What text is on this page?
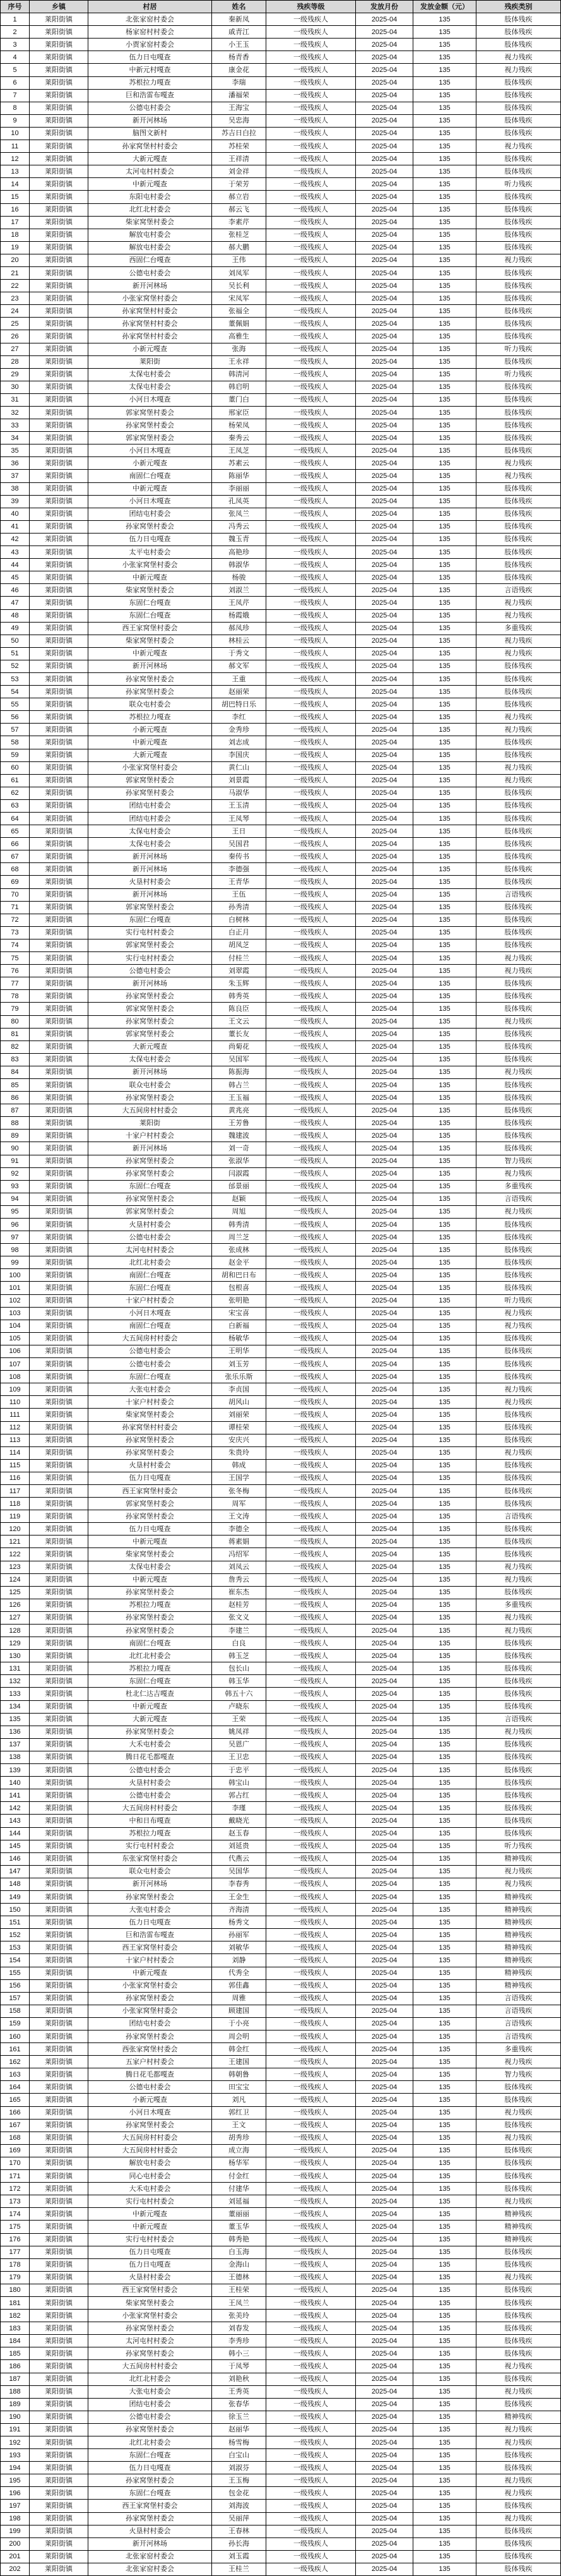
序号	乡镇	村居	姓名	残疾等级	发放月份	发放金额（元）	残疾类别
1	莱阳街镇	北张家窑村委会	秦新凤	一级残疾人	2025-04	135	肢体残疾
2	莱阳街镇	杨家窑村村委会	戚青江	一级残疾人	2025-04	135	肢体残疾
3	莱阳街镇	小贾家窑村委会	小王玉	一级残疾人	2025-04	135	肢体残疾
4	莱阳街镇	伍力日屯嘎查	杨青香	一级残疾人	2025-04	135	视力残疾
5	莱阳街镇	中新元村嘎查	康金花	一级残疾人	2025-04	135	视力残疾
6	莱阳街镇	苏根拉力嘎查	李瑞	一级残疾人	2025-04	135	肢体残疾
7	莱阳街镇	巨和浩雷布嘎查	潘福荣	一级残疾人	2025-04	135	肢体残疾
8	莱阳街镇	公德屯村委会	王海宝	一级残疾人	2025-04	135	肢体残疾
9	莱阳街镇	新开河林场	吴忠海	一级残疾人	2025-04	135	肢体残疾
10	莱阳街镇	脑图文新村	苏吉日白拉	一级残疾人	2025-04	135	肢体残疾
11	莱阳街镇	孙家窝堡村村委会	苏桂荣	一级残疾人	2025-04	135	视力残疾
12	莱阳街镇	大新元嘎查	王祥清	一级残疾人	2025-04	135	肢体残疾
13	莱阳街镇	太河屯村村委会	刘金祥	一级残疾人	2025-04	135	肢体残疾
14	莱阳街镇	中新元嘎查	于荣芳	一级残疾人	2025-04	135	听力残疾
15	莱阳街镇	东阳屯村委会	郝立岩	一级残疾人	2025-04	135	肢体残疾
16	莱阳街镇	北红北村委会	郝云飞	一级残疾人	2025-04	135	肢体残疾
17	莱阳街镇	柴家窝堡村委会	李素芹	一级残疾人	2025-04	135	肢体残疾
18	莱阳街镇	解放屯村委会	张桂芝	一级残疾人	2025-04	135	肢体残疾
19	莱阳街镇	解放屯村委会	郝大鹏	一级残疾人	2025-04	135	肢体残疾
20	莱阳街镇	西固仁台嘎查	王伟	一级残疾人	2025-04	135	视力残疾
21	莱阳街镇	公德屯村委会	刘凤军	一级残疾人	2025-04	135	肢体残疾
22	莱阳街镇	新开河林场	吴长利	一级残疾人	2025-04	135	肢体残疾
23	莱阳街镇	小张家窝堡村委会	宋凤军	一级残疾人	2025-04	135	肢体残疾
24	莱阳街镇	孙家窝堡村村委会	张福全	一级残疾人	2025-04	135	肢体残疾
25	莱阳街镇	孙家窝堡村村委会	董佩娟	一级残疾人	2025-04	135	肢体残疾
26	莱阳街镇	孙家窝堡村村委会	高雅生	一级残疾人	2025-04	135	肢体残疾
27	莱阳街镇	小新元嘎查	张海	一级残疾人	2025-04	135	听力残疾
28	莱阳街镇	莱阳街	王永祥	一级残疾人	2025-04	135	肢体残疾
29	莱阳街镇	太保屯村委会	韩清河	一级残疾人	2025-04	135	听力残疾
30	莱阳街镇	太保屯村委会	韩启明	一级残疾人	2025-04	135	肢体残疾
31	莱阳街镇	小河日木嘎查	董门白	一级残疾人	2025-04	135	肢体残疾
32	莱阳街镇	郭家窝堡村委会	邢家臣	一级残疾人	2025-04	135	肢体残疾
33	莱阳街镇	孙家窝堡村委会	杨荣凤	一级残疾人	2025-04	135	肢体残疾
34	莱阳街镇	郭家窝堡村委会	秦秀云	一级残疾人	2025-04	135	肢体残疾
35	莱阳街镇	小河日木嘎查	王凤芝	一级残疾人	2025-04	135	肢体残疾
36	莱阳街镇	小新元嘎查	苏素云	一级残疾人	2025-04	135	视力残疾
37	莱阳街镇	南固仁台嘎查	陈丽华	一级残疾人	2025-04	135	视力残疾
38	莱阳街镇	中新元嘎查	李丽丽	一级残疾人	2025-04	135	肢体残疾
39	莱阳街镇	小河日木嘎查	孔凤英	一级残疾人	2025-04	135	肢体残疾
40	莱阳街镇	团结屯村委会	张凤兰	一级残疾人	2025-04	135	肢体残疾
41	莱阳街镇	孙家窝堡村委会	冯秀云	一级残疾人	2025-04	135	肢体残疾
42	莱阳街镇	伍力日屯嘎查	魏玉青	一级残疾人	2025-04	135	肢体残疾
43	莱阳街镇	太平屯村委会	高艳珍	一级残疾人	2025-04	135	肢体残疾
44	莱阳街镇	小张家窝堡村委会	韩淑华	一级残疾人	2025-04	135	肢体残疾
45	莱阳街镇	中新元嘎查	杨骏	一级残疾人	2025-04	135	肢体残疾
46	莱阳街镇	柴家窝堡村委会	刘淑兰	一级残疾人	2025-04	135	言语残疾
47	莱阳街镇	东固仁台嘎查	王凤芹	一级残疾人	2025-04	135	视力残疾
48	莱阳街镇	东固仁台嘎查	杨霞娥	一级残疾人	2025-04	135	视力残疾
49	莱阳街镇	西王家窝堡村委会	郝凤珍	一级残疾人	2025-04	135	多重残疾
50	莱阳街镇	柴家窝堡村委会	林桂云	一级残疾人	2025-04	135	视力残疾
51	莱阳街镇	中新元嘎查	于秀文	一级残疾人	2025-04	135	视力残疾
52	莱阳街镇	新开河林场	郝文军	一级残疾人	2025-04	135	肢体残疾
53	莱阳街镇	孙家窝堡村委会	王重	一级残疾人	2025-04	135	肢体残疾
54	莱阳街镇	孙家窝堡村委会	赵丽荣	一级残疾人	2025-04	135	肢体残疾
55	莱阳街镇	联众屯村委会	胡巴特日乐	一级残疾人	2025-04	135	肢体残疾
56	莱阳街镇	苏根拉力嘎查	李红	一级残疾人	2025-04	135	视力残疾
57	莱阳街镇	小新元嘎查	金秀珍	一级残疾人	2025-04	135	视力残疾
58	莱阳街镇	中新元嘎查	刘志成	一级残疾人	2025-04	135	肢体残疾
59	莱阳街镇	大新元嘎查	李国庆	一级残疾人	2025-04	135	肢体残疾
60	莱阳街镇	小张家窝堡村委会	黄仁山	一级残疾人	2025-04	135	视力残疾
61	莱阳街镇	郭家窝堡村委会	刘景霞	一级残疾人	2025-04	135	视力残疾
62	莱阳街镇	孙家窝堡村委会	马淑华	一级残疾人	2025-04	135	肢体残疾
63	莱阳街镇	团结屯村委会	王玉清	一级残疾人	2025-04	135	肢体残疾
64	莱阳街镇	团结屯村委会	王凤琴	一级残疾人	2025-04	135	肢体残疾
65	莱阳街镇	太保屯村委会	王日	一级残疾人	2025-04	135	肢体残疾
66	莱阳街镇	太保屯村委会	吴国君	一级残疾人	2025-04	135	肢体残疾
67	莱阳街镇	新开河林场	秦传书	一级残疾人	2025-04	135	肢体残疾
68	莱阳街镇	新开河林场	李德强	一级残疾人	2025-04	135	肢体残疾
69	莱阳街镇	火垦村村委会	王青华	一级残疾人	2025-04	135	肢体残疾
70	莱阳街镇	新开河林场	王伍	一级残疾人	2025-04	135	言语残疾
71	莱阳街镇	郭家窝堡村委会	孙秀清	一级残疾人	2025-04	135	肢体残疾
72	莱阳街镇	东固仁台嘎查	白树林	一级残疾人	2025-04	135	肢体残疾
73	莱阳街镇	实行屯村村委会	白正月	一级残疾人	2025-04	135	肢体残疾
74	莱阳街镇	郭家窝堡村委会	胡凤芝	一级残疾人	2025-04	135	肢体残疾
75	莱阳街镇	实行屯村村委会	付桂兰	一级残疾人	2025-04	135	视力残疾
76	莱阳街镇	公德屯村委会	刘翠霞	一级残疾人	2025-04	135	视力残疾
77	莱阳街镇	新开河林场	朱玉辉	一级残疾人	2025-04	135	肢体残疾
78	莱阳街镇	孙家窝堡村委会	韩秀英	一级残疾人	2025-04	135	肢体残疾
79	莱阳街镇	郭家窝堡村委会	陈良臣	一级残疾人	2025-04	135	肢体残疾
80	莱阳街镇	孙家窝堡村委会	王文云	一级残疾人	2025-04	135	视力残疾
81	莱阳街镇	郭家窝堡村委会	董长友	一级残疾人	2025-04	135	肢体残疾
82	莱阳街镇	大新元嘎查	尚菊花	一级残疾人	2025-04	135	肢体残疾
83	莱阳街镇	太保屯村委会	吴国军	一级残疾人	2025-04	135	肢体残疾
84	莱阳街镇	新开河林场	陈振海	一级残疾人	2025-04	135	视力残疾
85	莱阳街镇	联众屯村委会	韩占兰	一级残疾人	2025-04	135	肢体残疾
86	莱阳街镇	孙家窝堡村委会	王玉福	一级残疾人	2025-04	135	肢体残疾
87	莱阳街镇	大五间房村村委会	黄兆亮	一级残疾人	2025-04	135	肢体残疾
88	莱阳街镇	莱阳街	王芳鲁	一级残疾人	2025-04	135	肢体残疾
89	莱阳街镇	十家户村村委会	魏建波	一级残疾人	2025-04	135	肢体残疾
90	莱阳街镇	新开河林场	刘一奇	一级残疾人	2025-04	135	肢体残疾
91	莱阳街镇	孙家窝堡村委会	张淑华	一级残疾人	2025-04	135	智力残疾
92	莱阳街镇	孙家窝堡村委会	闫淑霞	一级残疾人	2025-04	135	视力残疾
93	莱阳街镇	东固仁台嘎查	邰景丽	一级残疾人	2025-04	135	多重残疾
94	莱阳街镇	孙家窝堡村委会	赵颖	一级残疾人	2025-04	135	言语残疾
95	莱阳街镇	郭家窝堡村委会	周旭	一级残疾人	2025-04	135	视力残疾
96	莱阳街镇	火垦村村委会	韩秀清	一级残疾人	2025-04	135	肢体残疾
97	莱阳街镇	公德屯村委会	周兰芝	一级残疾人	2025-04	135	肢体残疾
98	莱阳街镇	太河屯村村委会	张成林	一级残疾人	2025-04	135	肢体残疾
99	莱阳街镇	北红北村委会	赵金平	一级残疾人	2025-04	135	肢体残疾
100	莱阳街镇	南固仁台嘎查	胡和巴日布	一级残疾人	2025-04	135	肢体残疾
101	莱阳街镇	东固仁台嘎查	包根喜	一级残疾人	2025-04	135	肢体残疾
102	莱阳街镇	十家户村村委会	张明艳	一级残疾人	2025-04	135	听力残疾
103	莱阳街镇	小河日木嘎查	宋宝喜	一级残疾人	2025-04	135	视力残疾
104	莱阳街镇	南固仁台嘎查	白新福	一级残疾人	2025-04	135	视力残疾
105	莱阳街镇	大五间房村村委会	杨敏华	一级残疾人	2025-04	135	肢体残疾
106	莱阳街镇	公德屯村委会	王明华	一级残疾人	2025-04	135	肢体残疾
107	莱阳街镇	公德屯村委会	刘玉芳	一级残疾人	2025-04	135	肢体残疾
108	莱阳街镇	东固仁台嘎查	张乐乐斯	一级残疾人	2025-04	135	肢体残疾
109	莱阳街镇	大张屯村委会	李贞国	一级残疾人	2025-04	135	视力残疾
110	莱阳街镇	十家户村村委会	胡风山	一级残疾人	2025-04	135	视力残疾
111	莱阳街镇	柴家窝堡村委会	刘丽荣	一级残疾人	2025-04	135	肢体残疾
112	莱阳街镇	孙家窝堡村村委会	谭桂荣	一级残疾人	2025-04	135	肢体残疾
113	莱阳街镇	孙家窝堡村委会	安庆兴	一级残疾人	2025-04	135	肢体残疾
114	莱阳街镇	孙家窝堡村委会	朱贵玲	一级残疾人	2025-04	135	视力残疾
115	莱阳街镇	火垦村村委会	韩成	一级残疾人	2025-04	135	肢体残疾
116	莱阳街镇	伍力日屯嘎查	王国学	一级残疾人	2025-04	135	肢体残疾
117	莱阳街镇	西王家窝堡村委会	张冬梅	一级残疾人	2025-04	135	肢体残疾
118	莱阳街镇	郭家窝堡村委会	周军	一级残疾人	2025-04	135	肢体残疾
119	莱阳街镇	孙家窝堡村委会	王文涛	一级残疾人	2025-04	135	言语残疾
120	莱阳街镇	伍力日屯嘎查	李德全	一级残疾人	2025-04	135	肢体残疾
121	莱阳街镇	中新元嘎查	蒋素娟	一级残疾人	2025-04	135	肢体残疾
122	莱阳街镇	柴家窝堡村委会	冯绍军	一级残疾人	2025-04	135	肢体残疾
123	莱阳街镇	太保屯村委会	刘凤云	一级残疾人	2025-04	135	视力残疾
124	莱阳街镇	中新元嘎查	詹秀云	一级残疾人	2025-04	135	视力残疾
125	莱阳街镇	孙家窝堡村委会	崔东杰	一级残疾人	2025-04	135	肢体残疾
126	莱阳街镇	苏根拉力嘎查	赵桂芳	一级残疾人	2025-04	135	多重残疾
127	莱阳街镇	孙家窝堡村委会	张文义	一级残疾人	2025-04	135	视力残疾
128	莱阳街镇	孙家窝堡村委会	李建兰	一级残疾人	2025-04	135	视力残疾
129	莱阳街镇	南固仁台嘎查	白良	一级残疾人	2025-04	135	肢体残疾
130	莱阳街镇	北红北村委会	韩玉芝	一级残疾人	2025-04	135	肢体残疾
131	莱阳街镇	苏根拉力嘎查	包长山	一级残疾人	2025-04	135	肢体残疾
132	莱阳街镇	东固仁台嘎查	韩玉华	一级残疾人	2025-04	135	肢体残疾
133	莱阳街镇	杜北仁达吉嘎查	韩五十六	一级残疾人	2025-04	135	肢体残疾
134	莱阳街镇	中新元嘎查	卢晓东	一级残疾人	2025-04	135	肢体残疾
135	莱阳街镇	大新元嘎查	王荣	一级残疾人	2025-04	135	言语残疾
136	莱阳街镇	孙家窝堡村委会	姚凤祥	一级残疾人	2025-04	135	视力残疾
137	莱阳街镇	大禾屯村委会	吴恩广	一级残疾人	2025-04	135	肢体残疾
138	莱阳街镇	腾日花毛都嘎查	王卫忠	一级残疾人	2025-04	135	肢体残疾
139	莱阳街镇	公德屯村委会	于忠平	一级残疾人	2025-04	135	肢体残疾
140	莱阳街镇	火垦村村委会	韩宝山	一级残疾人	2025-04	135	肢体残疾
141	莱阳街镇	公德屯村委会	郭占红	一级残疾人	2025-04	135	肢体残疾
142	莱阳街镇	大五间房村村委会	李瑾	一级残疾人	2025-04	135	肢体残疾
143	莱阳街镇	中和日布嘎查	戴晓光	一级残疾人	2025-04	135	肢体残疾
144	莱阳街镇	苏根拉力嘎查	赵玉春	一级残疾人	2025-04	135	肢体残疾
145	莱阳街镇	实行屯村村委会	刘延贵	一级残疾人	2025-04	135	听力残疾
146	莱阳街镇	东张家窝堡村委会	代燕云	一级残疾人	2025-04	135	精神残疾
147	莱阳街镇	联众屯村委会	吴国华	一级残疾人	2025-04	135	视力残疾
148	莱阳街镇	新开河林场	李春秀	一级残疾人	2025-04	135	视力残疾
149	莱阳街镇	孙家窝堡村委会	王金生	一级残疾人	2025-04	135	精神残疾
150	莱阳街镇	大张屯村委会	齐海清	一级残疾人	2025-04	135	精神残疾
151	莱阳街镇	伍力日屯嘎查	杨秀文	一级残疾人	2025-04	135	精神残疾
152	莱阳街镇	巨和浩雷布嘎查	孙丽军	一级残疾人	2025-04	135	精神残疾
153	莱阳街镇	西王家窝堡村委会	刘敏华	一级残疾人	2025-04	135	精神残疾
154	莱阳街镇	十家户村村委会	刘静	一级残疾人	2025-04	135	精神残疾
155	莱阳街镇	中新元嘎查	代秀全	一级残疾人	2025-04	135	精神残疾
156	莱阳街镇	小张家窝堡村委会	郭佳鑫	一级残疾人	2025-04	135	精神残疾
157	莱阳街镇	孙家窝堡村委会	周雅	一级残疾人	2025-04	135	言语残疾
158	莱阳街镇	小张家窝堡村委会	顾建国	一级残疾人	2025-04	135	言语残疾
159	莱阳街镇	团结屯村委会	于小亮	一级残疾人	2025-04	135	言语残疾
160	莱阳街镇	孙家窝堡村委会	周会明	一级残疾人	2025-04	135	言语残疾
161	莱阳街镇	西张家窝堡村委会	韩金红	一级残疾人	2025-04	135	多重残疾
162	莱阳街镇	五家户村村委会	王建国	一级残疾人	2025-04	135	视力残疾
163	莱阳街镇	腾日花毛都嘎查	韩朝鲁	一级残疾人	2025-04	135	智力残疾
164	莱阳街镇	公德屯村委会	田宝宝	一级残疾人	2025-04	135	肢体残疾
165	莱阳街镇	小新元嘎查	刘凡	一级残疾人	2025-04	135	肢体残疾
166	莱阳街镇	小河日木嘎查	郭红卫	一级残疾人	2025-04	135	视力残疾
167	莱阳街镇	孙家窝堡村委会	王文	一级残疾人	2025-04	135	肢体残疾
168	莱阳街镇	大五间房村村委会	胡秀珍	一级残疾人	2025-04	135	视力残疾
169	莱阳街镇	大五间房村村委会	成立海	一级残疾人	2025-04	135	肢体残疾
170	莱阳街镇	解放屯村委会	杨华军	一级残疾人	2025-04	135	肢体残疾
171	莱阳街镇	同心屯村委会	付金红	一级残疾人	2025-04	135	肢体残疾
172	莱阳街镇	大禾屯村委会	付建华	一级残疾人	2025-04	135	肢体残疾
173	莱阳街镇	实行屯村村委会	刘延福	一级残疾人	2025-04	135	视力残疾
174	莱阳街镇	中新元嘎查	董丽丽	一级残疾人	2025-04	135	精神残疾
175	莱阳街镇	中新元嘎查	董玉华	一级残疾人	2025-04	135	精神残疾
176	莱阳街镇	实行屯村村委会	韩秀艳	一级残疾人	2025-04	135	精神残疾
177	莱阳街镇	伍力日屯嘎查	白玉海	一级残疾人	2025-04	135	肢体残疾
178	莱阳街镇	伍力日屯嘎查	金海山	一级残疾人	2025-04	135	肢体残疾
179	莱阳街镇	火垦村村委会	王德林	一级残疾人	2025-04	135	视力残疾
180	莱阳街镇	西王家窝堡村委会	王桂荣	一级残疾人	2025-04	135	肢体残疾
181	莱阳街镇	柴家窝堡村委会	王凤兰	一级残疾人	2025-04	135	肢体残疾
182	莱阳街镇	小张家窝堡村委会	张美玲	一级残疾人	2025-04	135	肢体残疾
183	莱阳街镇	孙家窝堡村委会	刘春发	一级残疾人	2025-04	135	肢体残疾
184	莱阳街镇	太河屯村村委会	李秀珍	一级残疾人	2025-04	135	肢体残疾
185	莱阳街镇	孙家窝堡村委会	韩小三	一级残疾人	2025-04	135	肢体残疾
186	莱阳街镇	大五间房村村委会	于凤琴	一级残疾人	2025-04	135	视力残疾
187	莱阳街镇	北红北村委会	刘艳秋	一级残疾人	2025-04	135	肢体残疾
188	莱阳街镇	大张屯村委会	王秀英	一级残疾人	2025-04	135	视力残疾
189	莱阳街镇	团结屯村委会	张春华	一级残疾人	2025-04	135	肢体残疾
190	莱阳街镇	公德屯村委会	徐玉兰	一级残疾人	2025-04	135	精神残疾
191	莱阳街镇	孙家窝堡村委会	赵丽华	一级残疾人	2025-04	135	视力残疾
192	莱阳街镇	北红北村委会	杨雪梅	一级残疾人	2025-04	135	视力残疾
193	莱阳街镇	东固仁台嘎查	白宝山	一级残疾人	2025-04	135	肢体残疾
194	莱阳街镇	伍力日屯嘎查	刘淑芬	一级残疾人	2025-04	135	肢体残疾
195	莱阳街镇	孙家窝堡村委会	王玉梅	一级残疾人	2025-04	135	视力残疾
196	莱阳街镇	东固仁台嘎查	包金花	一级残疾人	2025-04	135	视力残疾
197	莱阳街镇	西王家窝堡村委会	刘海波	一级残疾人	2025-04	135	肢体残疾
198	莱阳街镇	孙家窝堡村委会	吴丽萍	一级残疾人	2025-04	135	视力残疾
199	莱阳街镇	火垦村村委会	王春林	一级残疾人	2025-04	135	肢体残疾
200	莱阳街镇	新开河林场	孙长海	一级残疾人	2025-04	135	肢体残疾
201	莱阳街镇	北张家窑村委会	刘玉霞	一级残疾人	2025-04	135	肢体残疾
202	莱阳街镇	北张家窑村委会	王桂兰	一级残疾人	2025-04	135	肢体残疾
